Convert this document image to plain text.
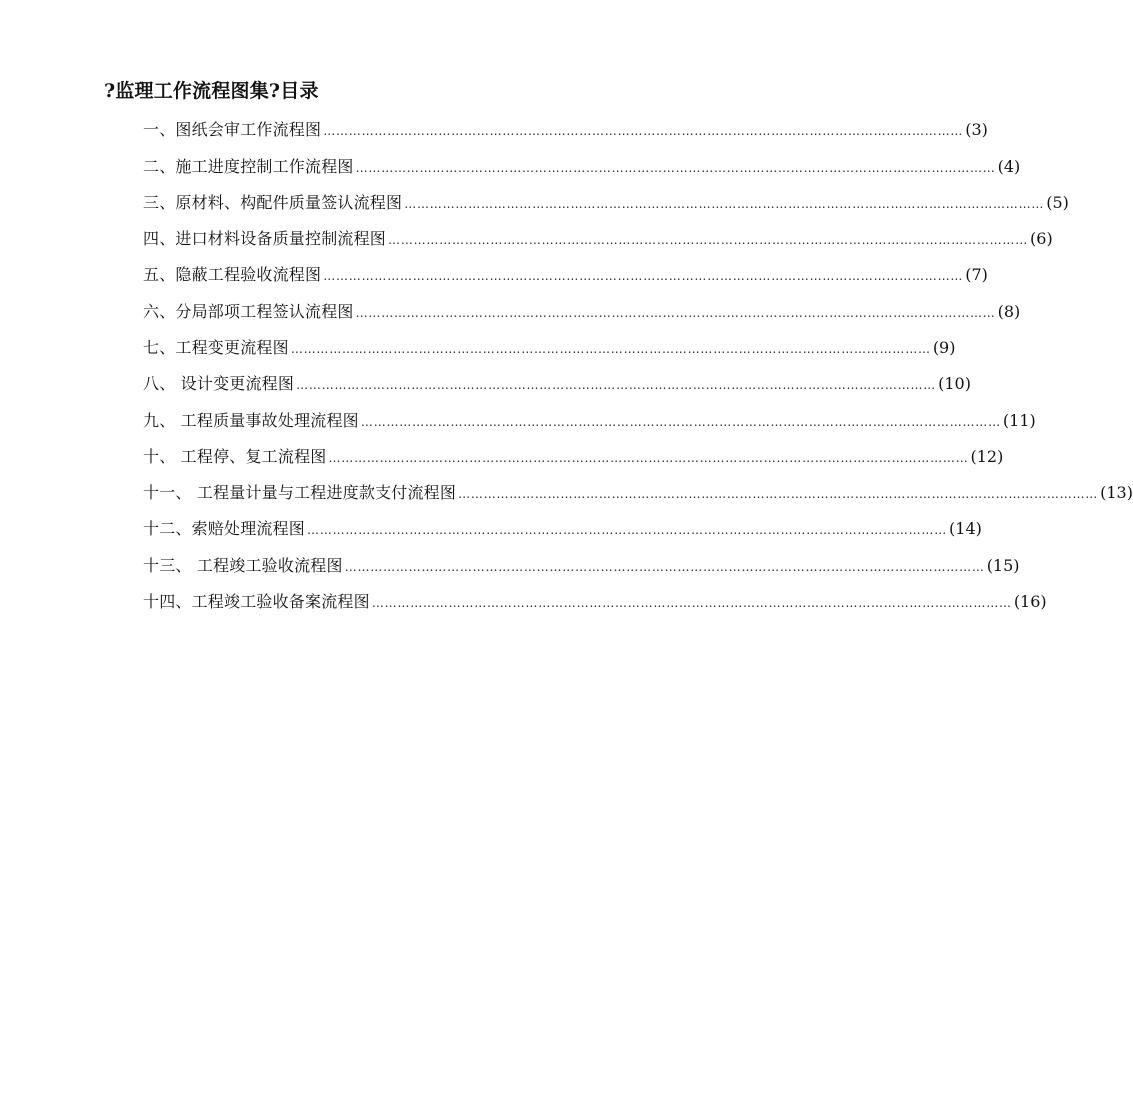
?监理工作流程图集?目录
一、图纸会审工作流程图 …………………………………………………………………………………………………………………………………… (3)
二、施工进度控制工作流程图 …………………………………………………………………………………………………………………………………… (4)
三、原材料、构配件质量签认流程图 …………………………………………………………………………………………………………………………………… (5)
四、进口材料设备质量控制流程图 …………………………………………………………………………………………………………………………………… (6)
五、隐蔽工程验收流程图 …………………………………………………………………………………………………………………………………… (7)
六、分局部项工程签认流程图 …………………………………………………………………………………………………………………………………… (8)
七、工程变更流程图 …………………………………………………………………………………………………………………………………… (9)
八、 设计变更流程图 …………………………………………………………………………………………………………………………………… (10)
九、 工程质量事故处理流程图 …………………………………………………………………………………………………………………………………… (11)
十、 工程停、复工流程图 …………………………………………………………………………………………………………………………………… (12)
十一、 工程量计量与工程进度款支付流程图 …………………………………………………………………………………………………………………………………… (13)
十二、索赔处理流程图 …………………………………………………………………………………………………………………………………… (14)
十三、 工程竣工验收流程图 …………………………………………………………………………………………………………………………………… (15)
十四、工程竣工验收备案流程图 …………………………………………………………………………………………………………………………………… (16)
